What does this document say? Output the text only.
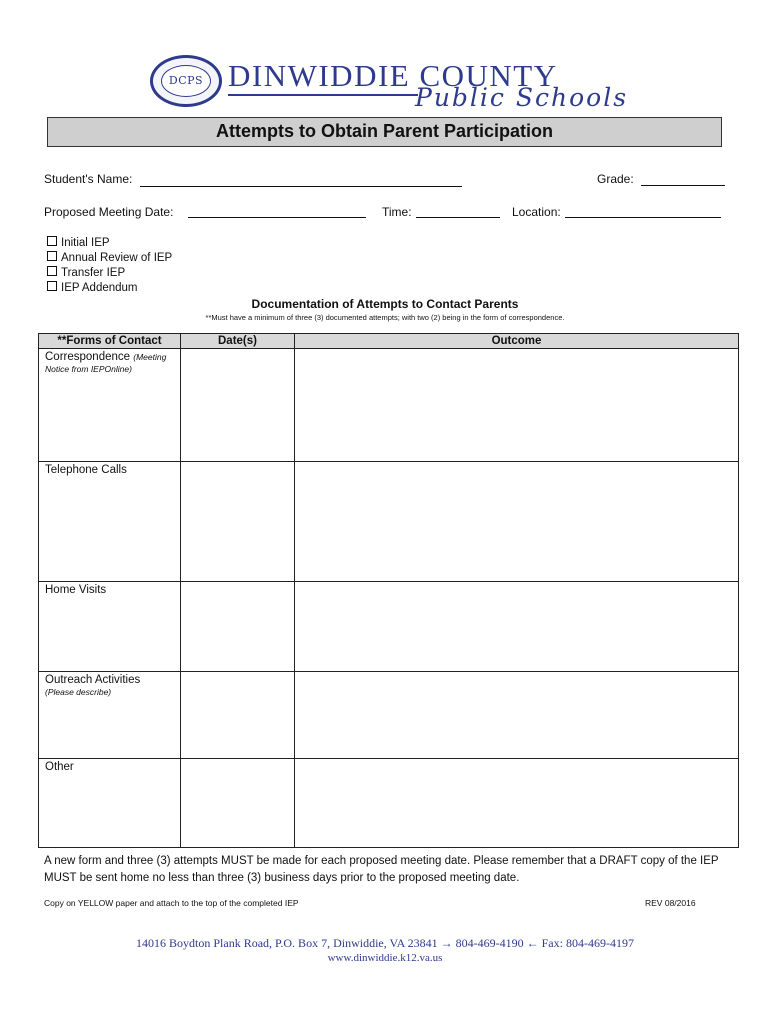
DCPS DINWIDDIE COUNTY
Public Schools
Attempts to Obtain Parent Participation
Student's Name:	Grade:
Proposed Meeting Date:	Time:	Location:
Initial IEP
Annual Review of IEP
Transfer IEP
IEP Addendum
Documentation of Attempts to Contact Parents
**Must have a minimum of three (3) documented attempts; with two (2) being in the form of correspondence.
**Forms of Contact	Date(s)	Outcome

Correspondence (Meeting
Notice from IEPOnline)		

Telephone Calls		

Home Visits		

Outreach Activities
(Please describe)		

Other		

A new form and three (3) attempts MUST be made for each proposed meeting date. Please remember that a DRAFT copy of the IEP MUST be sent home no less than three (3) business days prior to the proposed meeting date.
Copy on YELLOW paper and attach to the top of the completed IEP	REV 08/2016
14016 Boydton Plank Road, P.O. Box 7, Dinwiddie, VA 23841 → 804-469-4190 ← Fax: 804-469-4197
www.dinwiddie.k12.va.us
